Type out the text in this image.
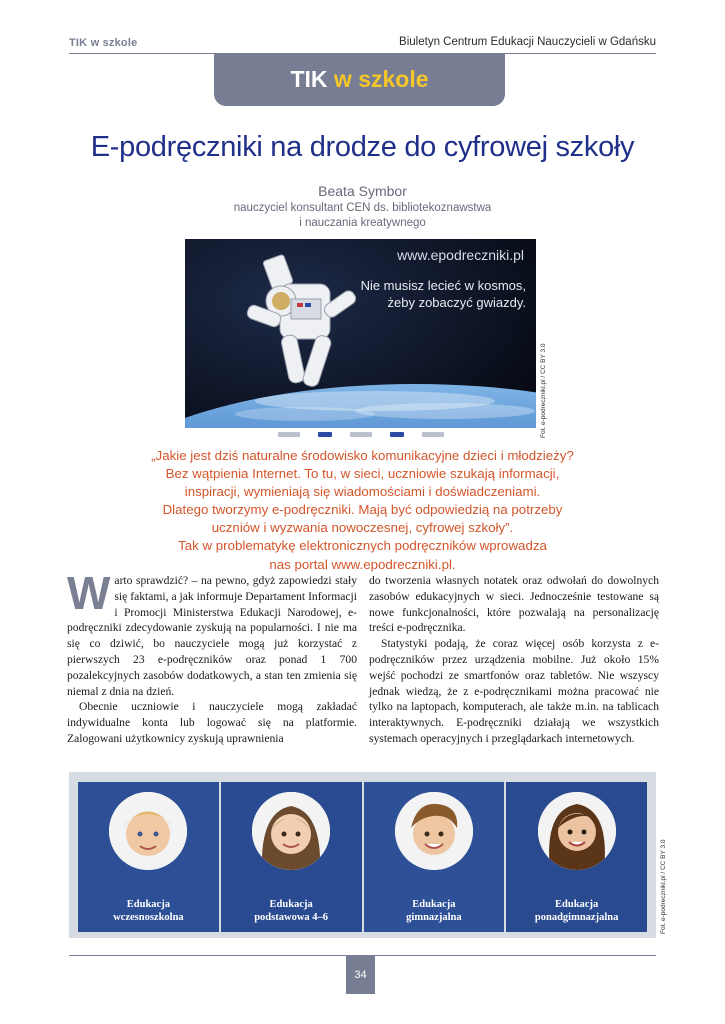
TIK w szkole	Biuletyn Centrum Edukacji Nauczycieli w Gdańsku
TIK w szkole
E-podręczniki na drodze do cyfrowej szkoły
Beata Symbor
nauczyciel konsultant CEN ds. bibliotekoznawstwa
i nauczania kreatywnego
www.epodreczniki.pl
Nie musisz lecieć w kosmos,
żeby zobaczyć gwiazdy.
Fot. e-podreczniki.pl / CC BY 3.0
„Jakie jest dziś naturalne środowisko komunikacyjne dzieci i młodzieży?
Bez wątpienia Internet. To tu, w sieci, uczniowie szukają informacji,
inspiracji, wymieniają się wiadomościami i doświadczeniami.
Dlatego tworzymy e-podręczniki. Mają być odpowiedzią na potrzeby
uczniów i wyzwania nowoczesnej, cyfrowej szkoły”.
Tak w problematykę elektronicznych podręczników wprowadza
nas portal www.epodreczniki.pl.

Warto sprawdzić? – na pewno, gdyż zapowiedzi stały się faktami, a jak informuje Departament Informacji i Promocji Ministerstwa Edukacji Narodowej, e-podręczniki zdecydowanie zyskują na popularności. I nie ma się co dziwić, bo nauczyciele mogą już korzystać z pierwszych 23 e-podręczników oraz ponad 1 700 pozalekcyjnych zasobów dodatkowych, a stan ten zmienia się niemal z dnia na dzień.

Obecnie uczniowie i nauczyciele mogą zakładać indywidualne konta lub logować się na platformie. Zalogowani użytkownicy zyskują uprawnienia

do tworzenia własnych notatek oraz odwołań do dowolnych zasobów edukacyjnych w sieci. Jednocześnie testowane są nowe funkcjonalności, które pozwalają na personalizację treści e-podręcznika.

Statystyki podają, że coraz więcej osób korzysta z e-podręczników przez urządzenia mobilne. Już około 15% wejść pochodzi ze smartfonów oraz tabletów. Nie wszyscy jednak wiedzą, że z e-podręcznikami można pracować nie tylko na laptopach, komputerach, ale także m.in. na tablicach interaktywnych. E-podręczniki działają we wszystkich systemach operacyjnych i przeglądarkach internetowych.

Edukacja
wczesnoszkolna
Edukacja
podstawowa 4–6
Edukacja
gimnazjalna
Edukacja
ponadgimnazjalna	Fot. e-podreczniki.pl / CC BY 3.0
34
